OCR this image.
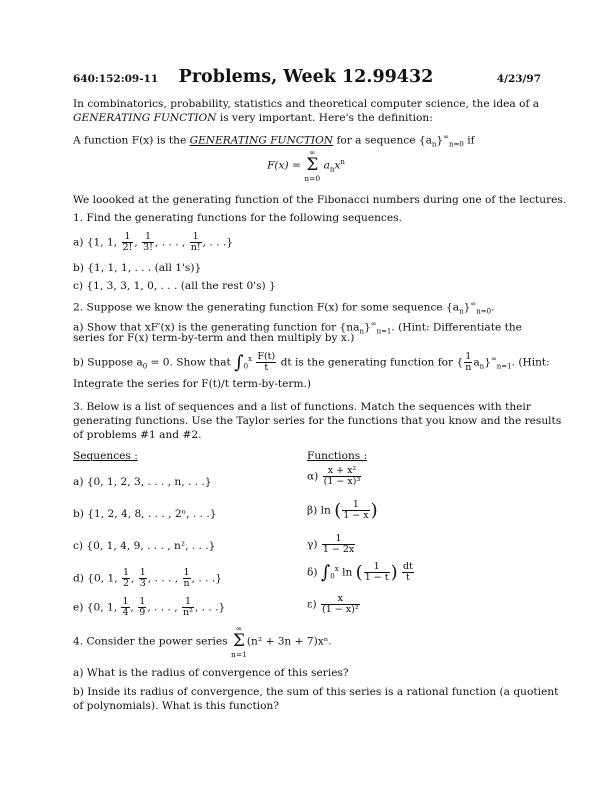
640:152:09-11	Problems, Week 12.99432	4/23/97
In combinatorics, probability, statistics and theoretical computer science, the idea of a
GENERATING FUNCTION is very important. Here's the definition:
A function F(x) is the GENERATING FUNCTION for a sequence $\{a_n\}^\infty_{n=0}$ if
F(x) =
∞
Σ
n=0
$a_nx^n$
We loooked at the generating function of the Fibonacci numbers during one of the lectures.
1. Find the generating functions for the following sequences.
a) {1, 1, $\frac{1}{2!}$ , $\frac{1}{3!}$ , . . . , $\frac{1}{n!}$ , . . .}
b) {1, 1, 1, . . . (all 1's)}
c) {1, 3, 3, 1, 0, . . . (all the rest 0's) }
2. Suppose we know the generating function F(x) for some sequence $\{a_n\}^\infty_{n=0}$.
a) Show that xF′(x) is the generating function for $\{na_n\}^\infty_{n=1}$. (Hint: Differentiate the
series for F(x) term-by-term and then multiply by x.)
b) Suppose $a_0 = 0$. Show that $\int_0^x \frac{F(t)}{t}$ dt is the generating function for { $\frac{1}{n} a_n\}^\infty_{n=1}$. (Hint:
Integrate the series for F(t)/t term-by-term.)
3. Below is a list of sequences and a list of functions. Match the sequences with their
generating functions. Use the Taylor series for the functions that you know and the results
of problems #1 and #2.
Sequences :	Functions :
a) {0, 1, 2, 3, . . . , n, . . .}
b) {1, 2, 4, 8, . . . , 2ⁿ, . . .}
c) {0, 1, 4, 9, . . . , n², . . .}
d) {0, 1, $\frac{1}{2}$ , $\frac{1}{3}$ , . . . , $\frac{1}{n}$ , . . .}
e) {0, 1, $\frac{1}{4}$ , $\frac{1}{9}$ , . . . , $\frac{1}{\text{n²}}$ , . . .}
$\alpha) \frac{\text{x + x²}}{\text{(1 − x)³}}$
β) ln ( $\frac{1}{1 - x}$ )
$\gamma) \frac{1}{1 - 2x}$
δ) $\int_0^x$ ln ( $\frac{1}{1 - t}$ ) $\frac{dt}{t}$
$\varepsilon) \frac{x}{\text{(1 − x)²}}$
4. Consider the power series
∞
Σ
n=1
(n² + 3n + 7)xⁿ.
a) What is the radius of convergence of this series?
b) Inside its radius of convergence, the sum of this series is a rational function (a quotient
of polynomials). What is this function?
